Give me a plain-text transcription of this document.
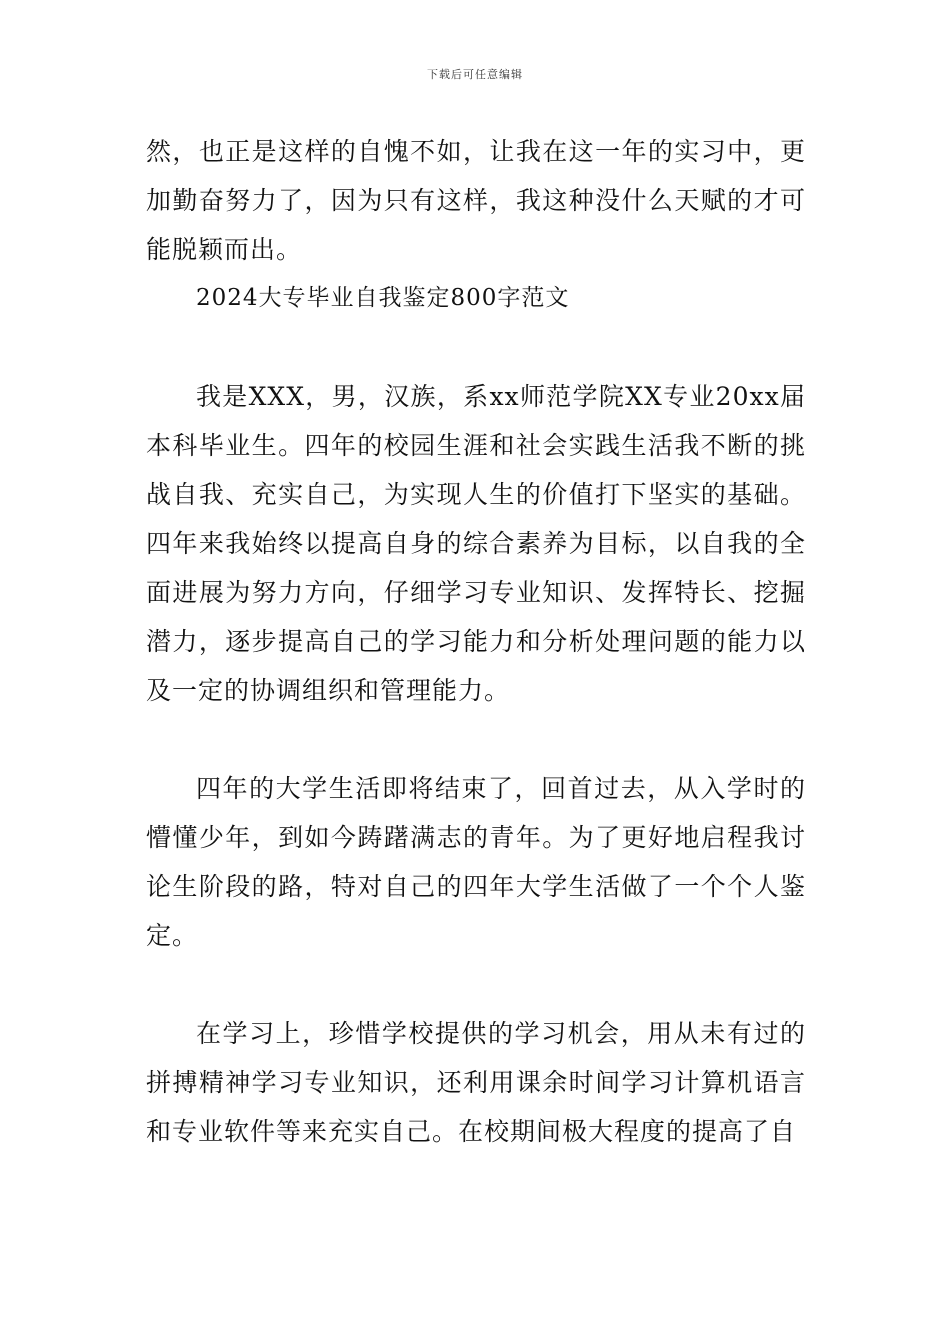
下载后可任意编辑

然，也正是这样的自愧不如，让我在这一年的实习中，更加勤奋努力了，因为只有这样，我这种没什么天赋的才可能脱颖而出。

2024大专毕业自我鉴定800字范文

我是XXX，男，汉族，系xx师范学院XX专业20xx届本科毕业生。四年的校园生涯和社会实践生活我不断的挑战自我、充实自己，为实现人生的价值打下坚实的基础。四年来我始终以提高自身的综合素养为目标，以自我的全面进展为努力方向，仔细学习专业知识、发挥特长、挖掘潜力，逐步提高自己的学习能力和分析处理问题的能力以及一定的协调组织和管理能力。

四年的大学生活即将结束了，回首过去，从入学时的懵懂少年，到如今踌躇满志的青年。为了更好地启程我讨论生阶段的路，特对自己的四年大学生活做了一个个人鉴定。

在学习上，珍惜学校提供的学习机会，用从未有过的拼搏精神学习专业知识，还利用课余时间学习计算机语言和专业软件等来充实自己。在校期间极大程度的提高了自
